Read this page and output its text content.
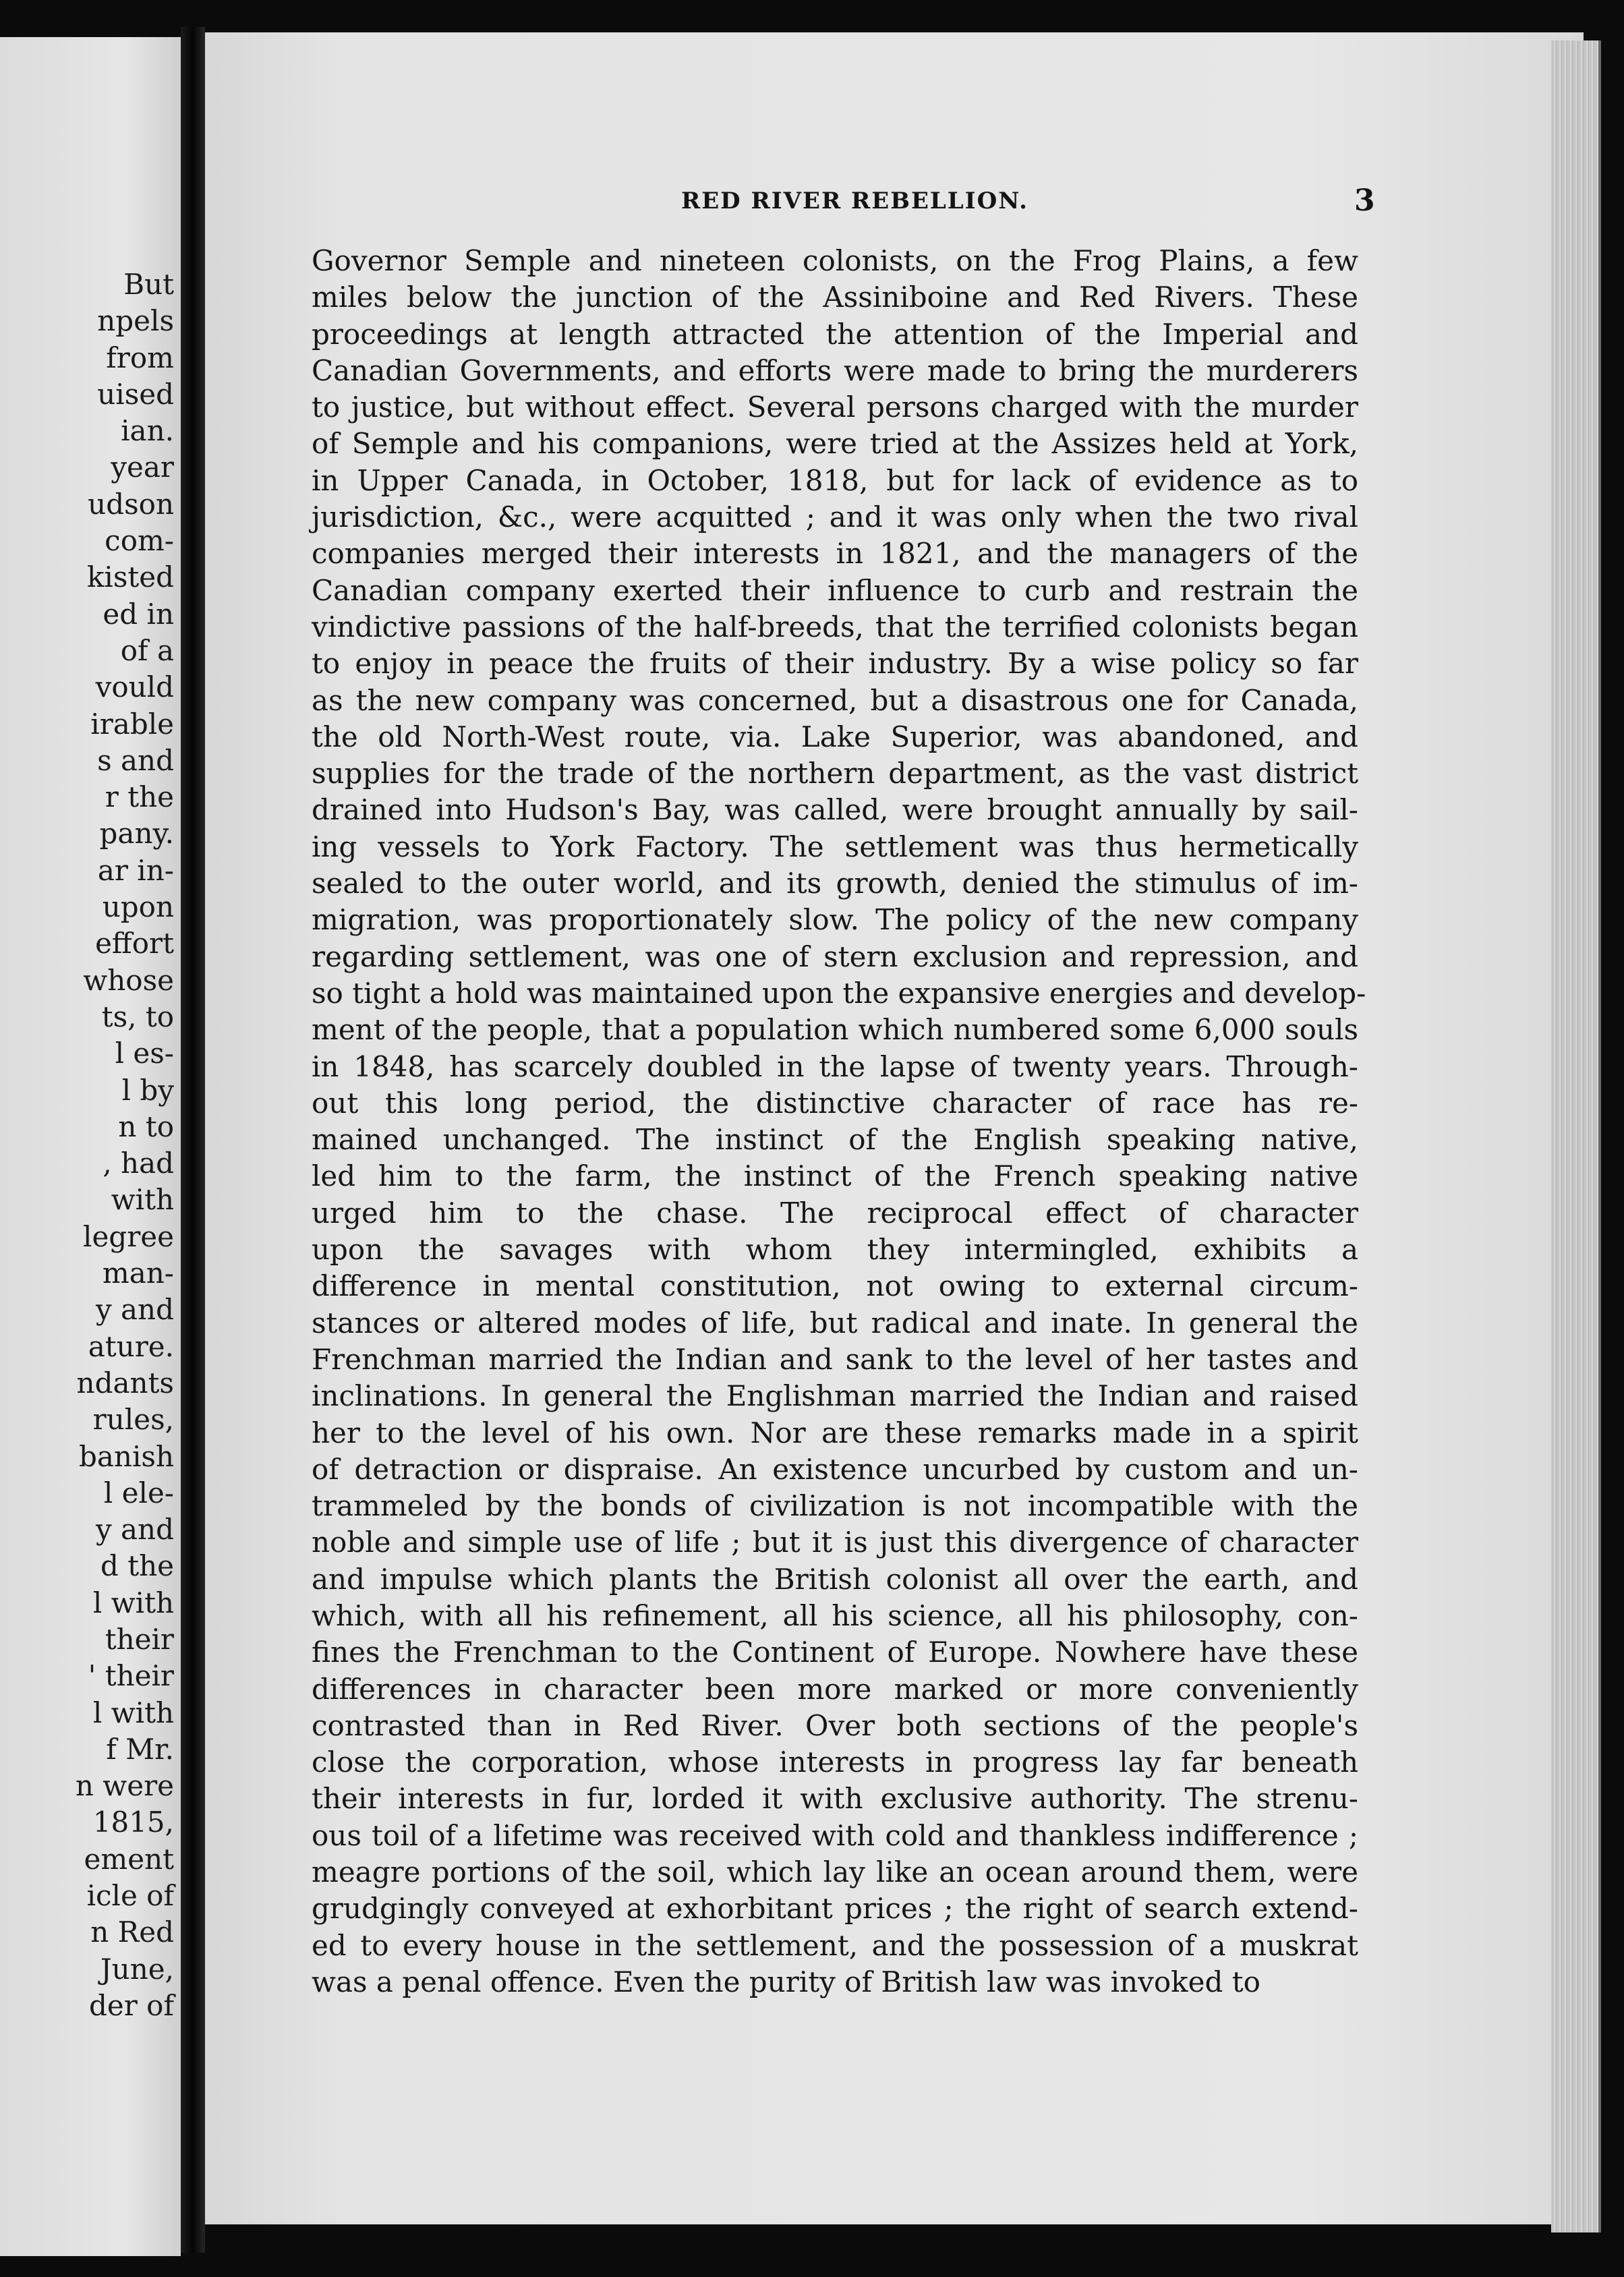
But
npels
from
uised
ian.
year
udson
com-
kisted
ed in
of a
vould
irable
s and
r the
pany.
ar in-
upon
effort
whose
ts, to
l es-
l by
n to
, had
with
legree
man-
y and
ature.
ndants
rules,
banish
l ele-
y and
d the
l with
their
' their
l with
f Mr.
n were
1815,
ement
icle of
n Red
June,
der of
RED RIVER REBELLION.	3
Governor Semple and nineteen colonists, on the Frog Plains, a few
miles below the junction of the Assiniboine and Red Rivers. These
proceedings at length attracted the attention of the Imperial and
Canadian Governments, and efforts were made to bring the murderers
to justice, but without effect. Several persons charged with the murder
of Semple and his companions, were tried at the Assizes held at York,
in Upper Canada, in October, 1818, but for lack of evidence as to
jurisdiction, &c., were acquitted ; and it was only when the two rival
companies merged their interests in 1821, and the managers of the
Canadian company exerted their influence to curb and restrain the
vindictive passions of the half-breeds, that the terrified colonists began
to enjoy in peace the fruits of their industry. By a wise policy so far
as the new company was concerned, but a disastrous one for Canada,
the old North-West route, via. Lake Superior, was abandoned, and
supplies for the trade of the northern department, as the vast district
drained into Hudson's Bay, was called, were brought annually by sail-
ing vessels to York Factory. The settlement was thus hermetically
sealed to the outer world, and its growth, denied the stimulus of im-
migration, was proportionately slow. The policy of the new company
regarding settlement, was one of stern exclusion and repression, and
so tight a hold was maintained upon the expansive energies and develop-
ment of the people, that a population which numbered some 6,000 souls
in 1848, has scarcely doubled in the lapse of twenty years. Through-
out this long period, the distinctive character of race has re-
mained unchanged. The instinct of the English speaking native,
led him to the farm, the instinct of the French speaking native
urged him to the chase. The reciprocal effect of character
upon the savages with whom they intermingled, exhibits a
difference in mental constitution, not owing to external circum-
stances or altered modes of life, but radical and inate. In general the
Frenchman married the Indian and sank to the level of her tastes and
inclinations. In general the Englishman married the Indian and raised
her to the level of his own. Nor are these remarks made in a spirit
of detraction or dispraise. An existence uncurbed by custom and un-
trammeled by the bonds of civilization is not incompatible with the
noble and simple use of life ; but it is just this divergence of character
and impulse which plants the British colonist all over the earth, and
which, with all his refinement, all his science, all his philosophy, con-
fines the Frenchman to the Continent of Europe. Nowhere have these
differences in character been more marked or more conveniently
contrasted than in Red River. Over both sections of the people's
close the corporation, whose interests in progress lay far beneath
their interests in fur, lorded it with exclusive authority. The strenu-
ous toil of a lifetime was received with cold and thankless indifference ;
meagre portions of the soil, which lay like an ocean around them, were
grudgingly conveyed at exhorbitant prices ; the right of search extend-
ed to every house in the settlement, and the possession of a muskrat
was a penal offence. Even the purity of British law was invoked to
